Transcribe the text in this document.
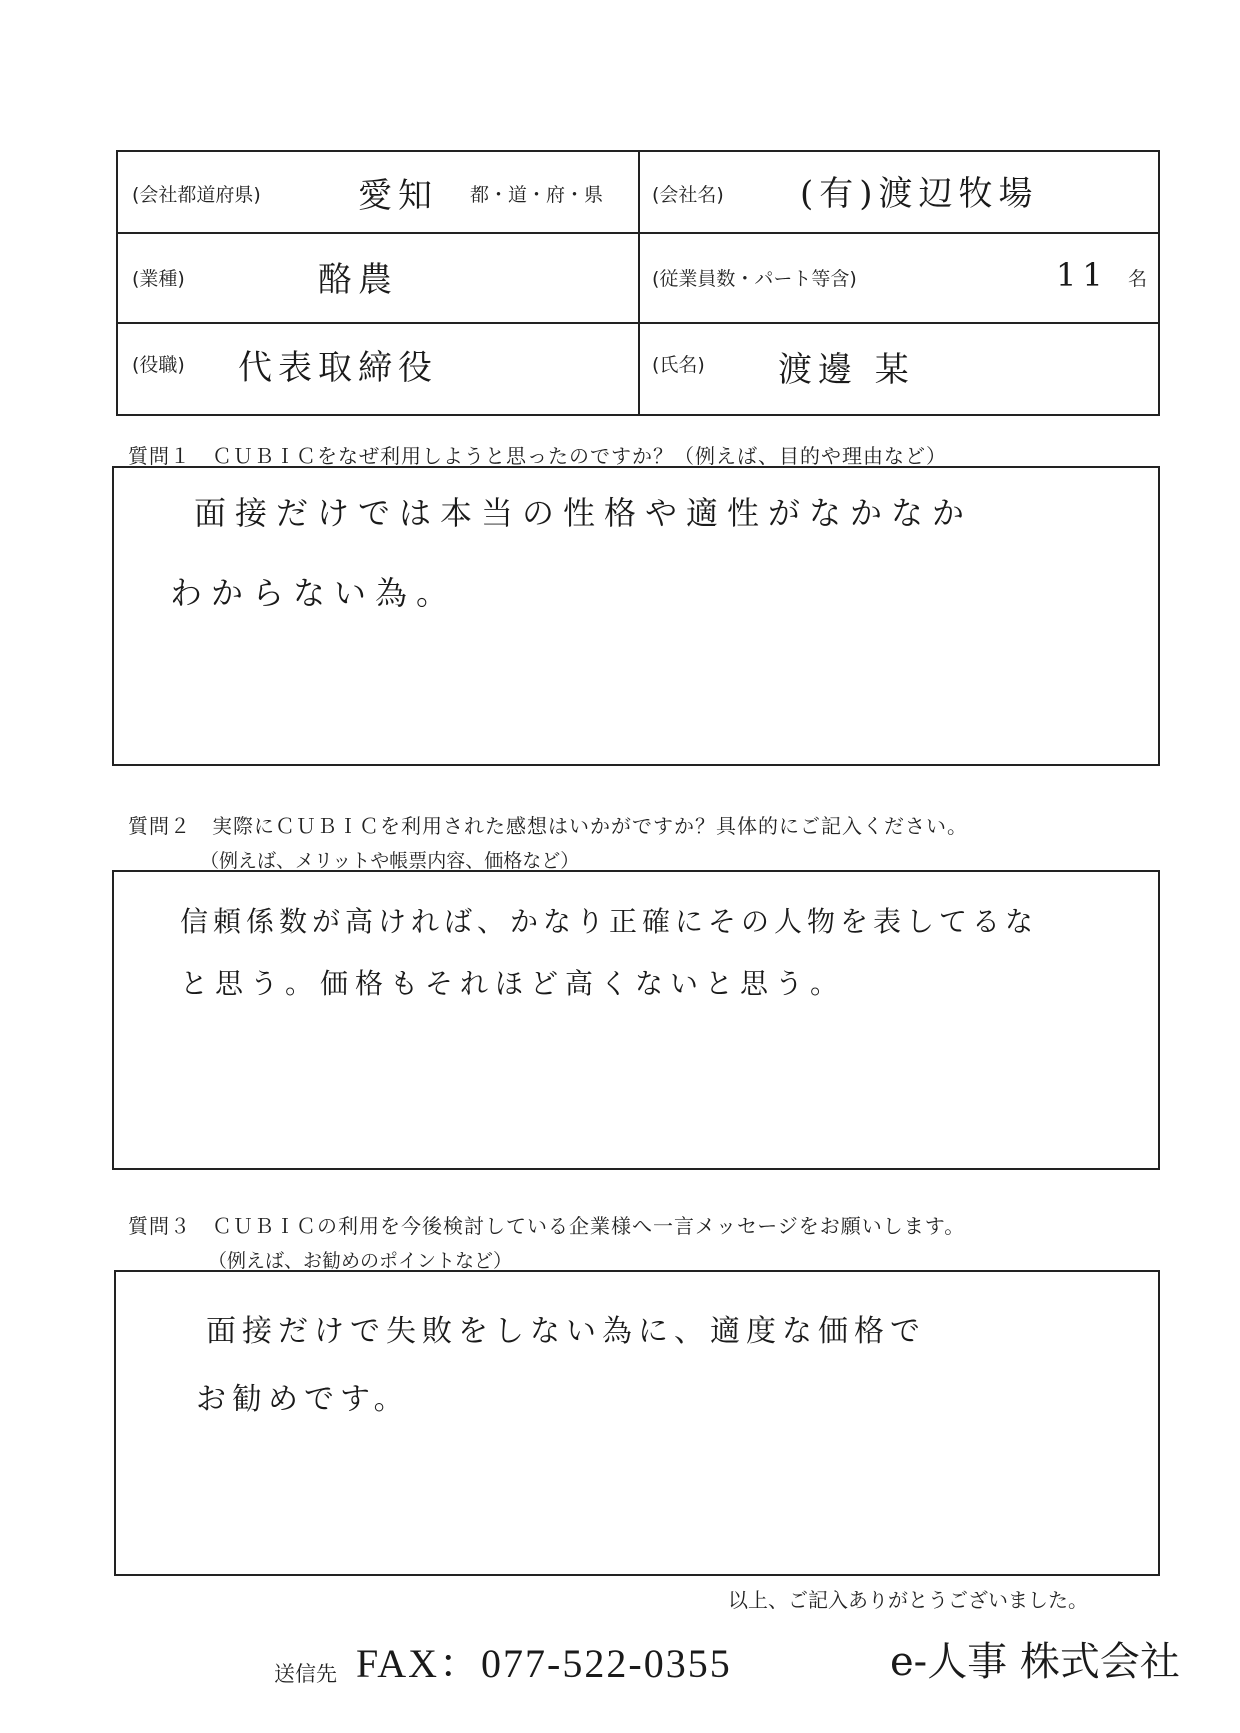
(会社都道府県)	愛知 都・道・府・県	(会社名) (有)渡辺牧場
(業種)	酪農	(従業員数・パート等含)	11 名
(役職) 代表取締役	(氏名) 渡邊 某
質問１　ＣＵＢＩＣをなぜ利用しようと思ったのですか？（例えば、目的や理由など）
面接だけでは本当の性格や適性がなかなか
わからない為。
質問２　実際にＣＵＢＩＣを利用された感想はいかがですか？具体的にご記入ください。
（例えば、メリットや帳票内容、価格など）
信頼係数が高ければ、かなり正確にその人物を表してるな
と思う。価格もそれほど高くないと思う。
質問３　ＣＵＢＩＣの利用を今後検討している企業様へ一言メッセージをお願いします。
（例えば、お勧めのポイントなど）
面接だけで失敗をしない為に、適度な価格で
お勧めです。
以上、ご記入ありがとうございました。
送信先 FAX：077-522-0355	e-人事 株式会社
